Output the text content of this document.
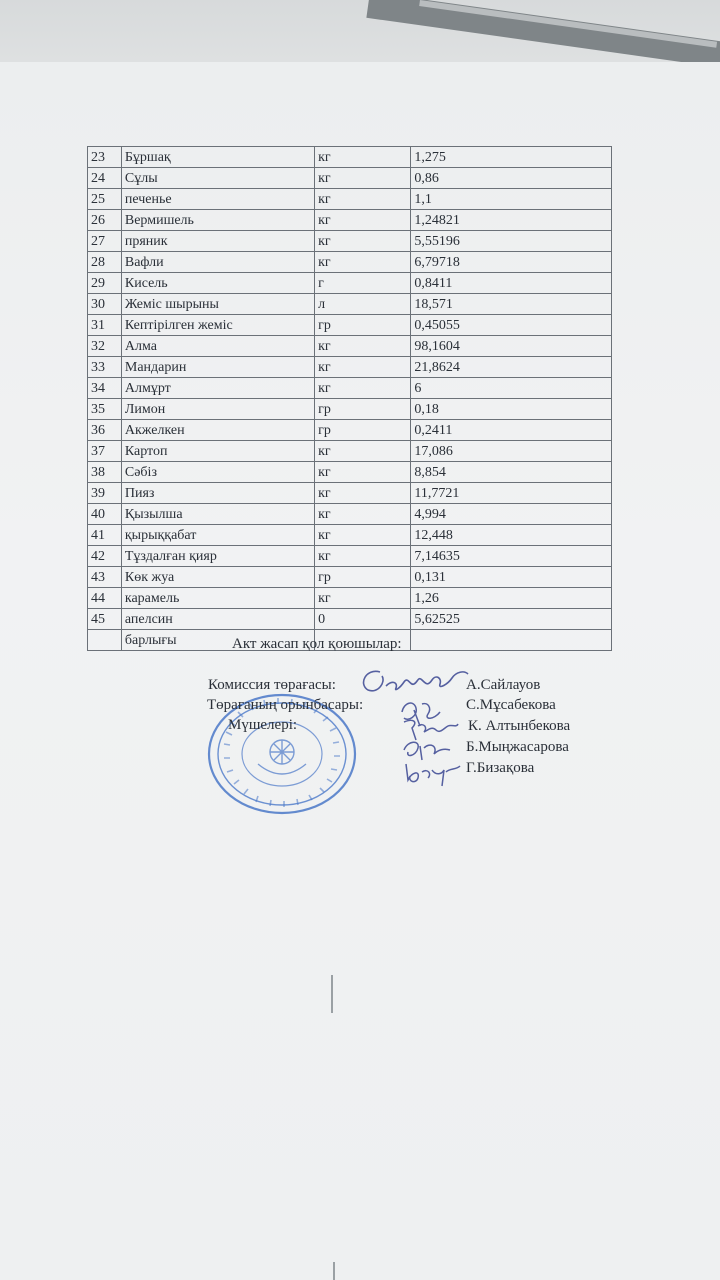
23	Бұршақ	кг	1,275
24	Сұлы	кг	0,86
25	печенье	кг	1,1
26	Вермишель	кг	1,24821
27	пряник	кг	5,55196
28	Вафли	кг	6,79718
29	Кисель	г	0,8411
30	Жеміс шырыны	л	18,571
31	Кептірілген жеміс	гр	0,45055
32	Алма	кг	98,1604
33	Мандарин	кг	21,8624
34	Алмұрт	кг	6
35	Лимон	гр	0,18
36	Акжелкен	гр	0,2411
37	Картоп	кг	17,086
38	Сәбіз	кг	8,854
39	Пияз	кг	11,7721
40	Қызылша	кг	4,994
41	қырыққабат	кг	12,448
42	Тұздалған қияр	кг	7,14635
43	Көк жуа	гр	0,131
44	карамель	кг	1,26
45	апелсин	0	5,62525
	барлығы			Акт жасап қол қоюшылар:
Комиссия төрағасы:	А.Сайлауов
Төрағаның орынбасары:	С.Мұсабекова
Мүшелері:	К. Алтынбекова
Б.Мыңжасарова
Г.Бизақова
